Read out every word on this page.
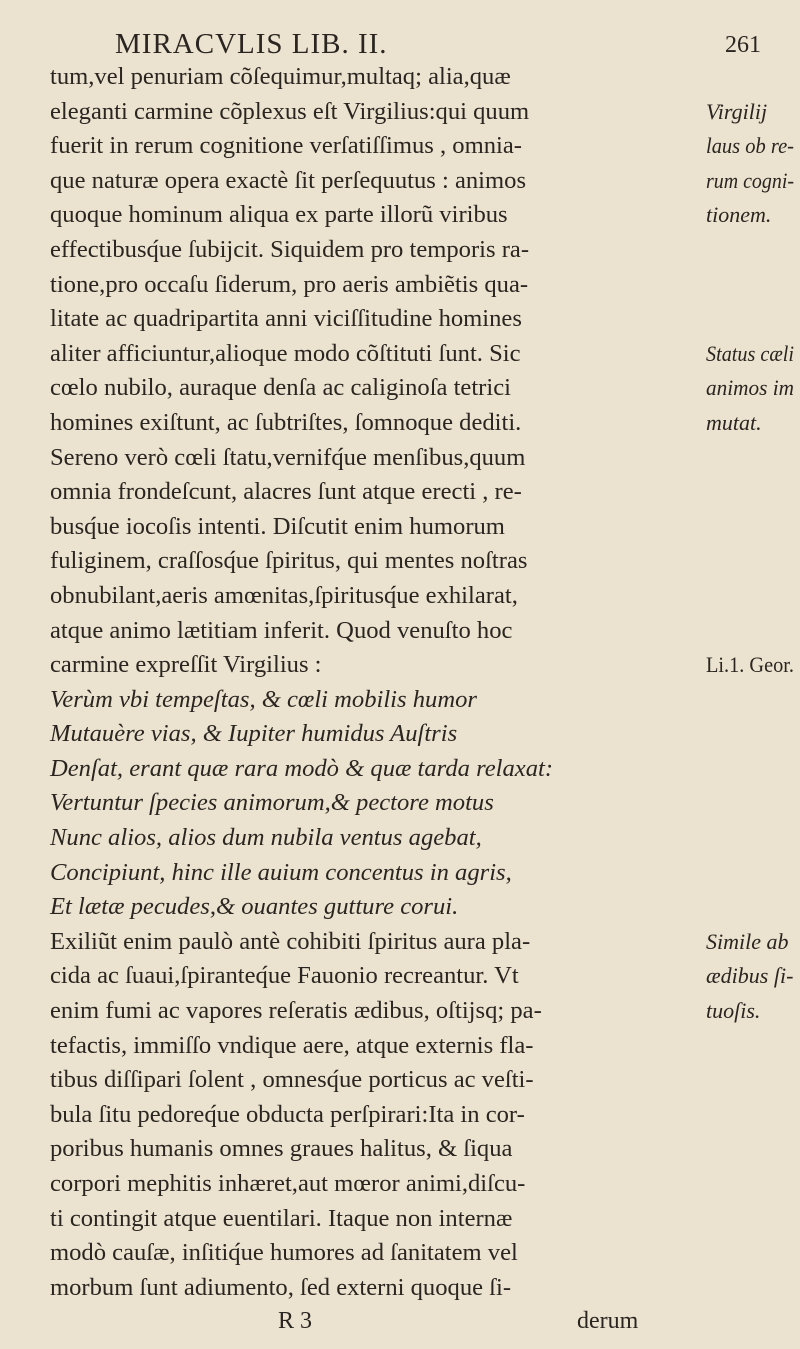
MIRACVLIS LIB. II.	261
tum,vel penuriam cõſequimur,multaq; alia,quæ
eleganti carmine cõplexus eſt Virgilius:qui quum	Virgilij
fuerit in rerum cognitione verſatiſſimus , omnia-	laus ob re-
que naturæ opera exactè ſit perſequutus : animos	rum cogni-
quoque hominum aliqua ex parte illorũ viribus	tionem.
effectibusq́ue ſubijcit. Siquidem pro temporis ra-
tione,pro occaſu ſiderum, pro aeris ambiẽtis qua-
litate ac quadripartita anni viciſſitudine homines
aliter afficiuntur,alioque modo cõſtituti ſunt. Sic	Status cæli
cœlo nubilo, auraque denſa ac caliginoſa tetrici	animos im
homines exiſtunt, ac ſubtriſtes, ſomnoque dediti.	mutat.
Sereno verò cœli ſtatu,vernifq́ue menſibus,quum
omnia frondeſcunt, alacres ſunt atque erecti , re-
busq́ue iocoſis intenti. Diſcutit enim humorum
fuliginem, craſſosq́ue ſpiritus, qui mentes noſtras
obnubilant,aeris amœnitas,ſpiritusq́ue exhilarat,
atque animo lætitiam inferit. Quod venuſto hoc
carmine expreſſit Virgilius :	Li.1. Geor.
Verùm vbi tempeſtas, & cœli mobilis humor
Mutauère vias, & Iupiter humidus Auſtris
Denſat, erant quæ rara modò & quæ tarda relaxat:
Vertuntur ſpecies animorum,& pectore motus
Nunc alios, alios dum nubila ventus agebat,
Concipiunt, hinc ille auium concentus in agris,
Et lætæ pecudes,& ouantes gutture corui.
Exiliũt enim paulò antè cohibiti ſpiritus aura pla-	Simile ab
cida ac ſuaui,ſpiranteq́ue Fauonio recreantur. Vt	ædibus ſi-
enim fumi ac vapores reſeratis ædibus, oſtijsq; pa-	tuoſis.
tefactis, immiſſo vndique aere, atque externis fla-
tibus diſſipari ſolent , omnesq́ue porticus ac veſti-
bula ſitu pedoreq́ue obducta perſpirari:Ita in cor-
poribus humanis omnes graues halitus, & ſiqua
corpori mephitis inhæret,aut mœror animi,diſcu-
ti contingit atque euentilari. Itaque non internæ
modò cauſæ, inſitiq́ue humores ad ſanitatem vel
morbum ſunt adiumento, ſed externi quoque ſi-
R 3	derum
